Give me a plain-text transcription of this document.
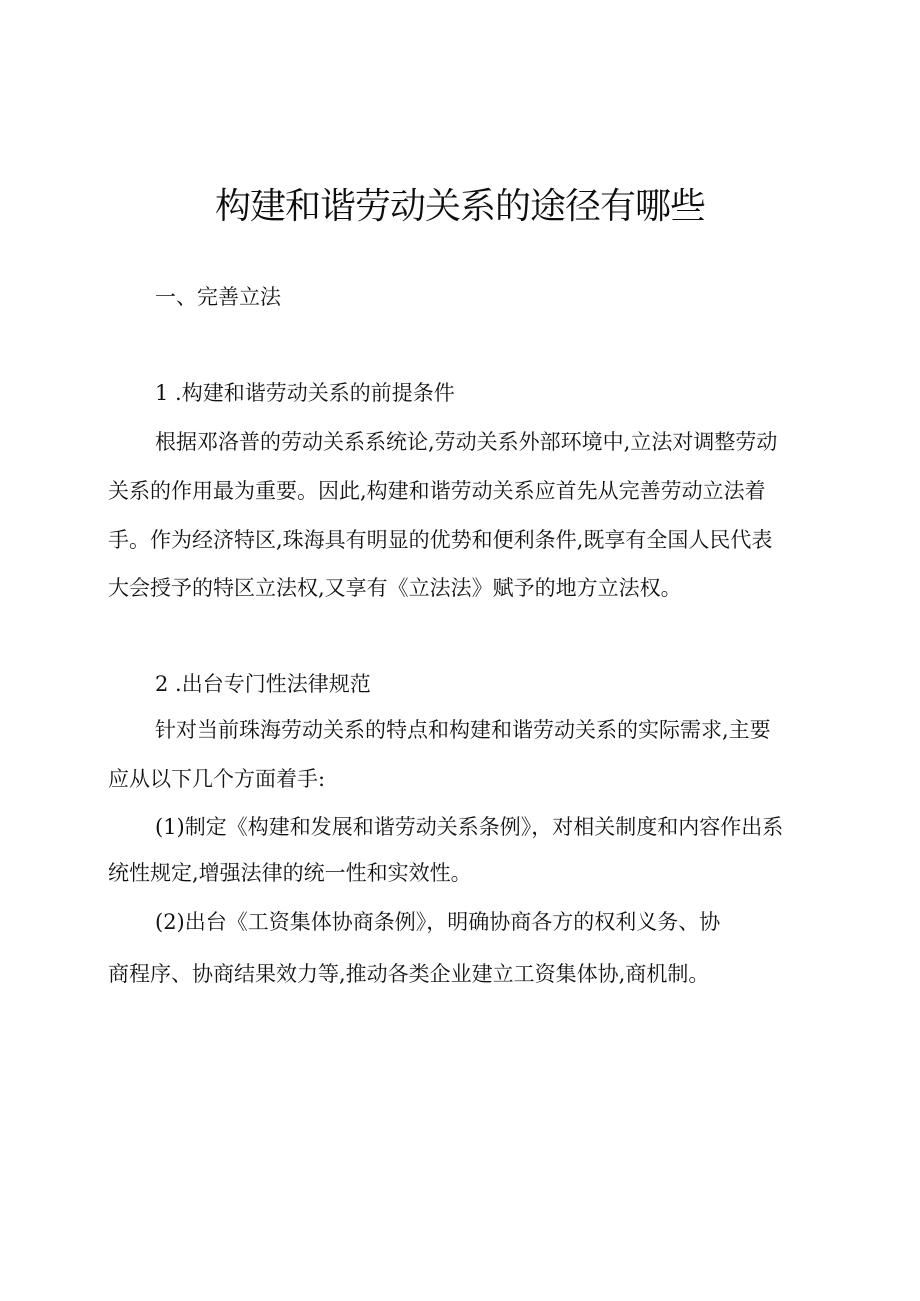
构建和谐劳动关系的途径有哪些
一、完善立法
1 .构建和谐劳动关系的前提条件
根据邓洛普的劳动关系系统论,劳动关系外部环境中,立法对调整劳动
关系的作用最为重要。因此,构建和谐劳动关系应首先从完善劳动立法着
手。作为经济特区,珠海具有明显的优势和便利条件,既享有全国人民代表
大会授予的特区立法权,又享有《立法法》赋予的地方立法权。
2 .出台专门性法律规范
针对当前珠海劳动关系的特点和构建和谐劳动关系的实际需求,主要
应从以下几个方面着手:
(1)制定《构建和发展和谐劳动关系条例》，对相关制度和内容作出系
统性规定,增强法律的统一性和实效性。
(2)出台《工资集体协商条例》，明确协商各方的权利义务、协
商程序、协商结果效力等,推动各类企业建立工资集体协,商机制。
